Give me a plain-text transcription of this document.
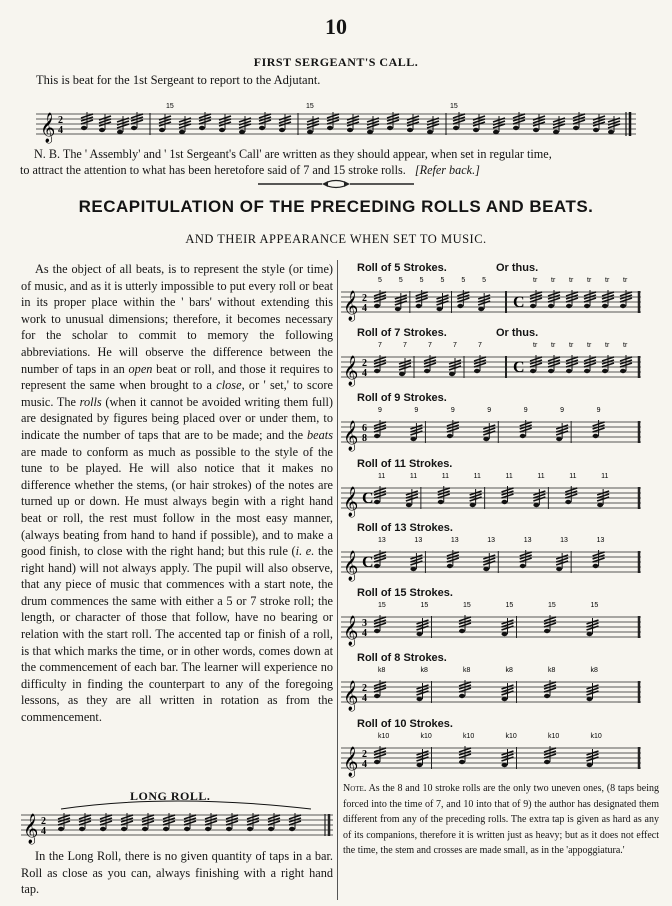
10
FIRST SERGEANT'S CALL.
This is beat for the 1st Sergeant to report to the Adjutant.
𝄞 2
4
15	15	15
N. B. The ' Assembly' and ' 1st Sergeant's Call' are written as they should appear, when set in regular time,
to attract the attention to what has been heretofore said of 7 and 15 stroke rolls. [Refer back.]
RECAPITULATION OF THE PRECEDING ROLLS AND BEATS.
AND THEIR APPEARANCE WHEN SET TO MUSIC.

As the object of all beats, is to represent the style (or time) of music, and as it is utterly impossible to put every roll or beat in its proper place within the ' bars' without extending this work to unusual dimensions; therefore, it becomes necessary for the scholar to commit to memory the following abbreviations. He will observe the difference between the number of taps in an open beat or roll, and those it requires to represent the same when brought to a close, or ' set,' to score music. The rolls (when it cannot be avoided writing them full) are designated by figures being placed over or under them, to indicate the number of taps that are to be made; and the beats are made to conform as much as possible to the style of the tune to be played. He will also notice that it makes no difference whether the stems, (or hair strokes) of the notes are turned up or down. He must always begin with a right hand beat or roll, the rest must follow in the most easy manner, (always beating from hand to hand if possible), and to make a good finish, to close with the right hand; but this rule (i. e. the right hand) will not always apply. The pupil will also observe, that any piece of music that commences with a start note, the drum commences the same with either a 5 or 7 stroke roll; the length, or character of those that follow, have no bearing or relation with the start roll. The accented tap or finish of a roll, is that which marks the time, or in other words, comes down at the commencement of each bar. The learner will experience no difficulty in finding the counterpart to any of the foregoing lessons, as they are all written in rotation as from the commencement.

LONG ROLL.
𝄞 2
4

In the Long Roll, there is no given quantity of taps in a bar. Roll as close as you can, always finishing with a right hand tap.

Roll of 5 Strokes.	Or thus.
𝄞 2
4
5 5 5 5 5 5	tr tr tr tr tr tr
C
Roll of 7 Strokes.	Or thus.
𝄞 2
4
7	7	7	7	7	tr tr tr tr tr tr
C
Roll of 9 Strokes.
𝄞 6
8
9	9	9	9	9	9	9
Roll of 11 Strokes.
𝄞 C
11	11	11	11	11	11	11	11
Roll of 13 Strokes.
𝄞 C
13	13	13	13	13	13	13
Roll of 15 Strokes.
𝄞 3
4
15	15	15	15	15	15
Roll of 8 Strokes.
𝄞 2
4
k8	k8	k8	k8	k8	k8
Roll of 10 Strokes.
𝄞 2
4
k10	k10	k10	k10	k10	k10

Note. As the 8 and 10 stroke rolls are the only two uneven ones, (8 taps being forced into the time of 7, and 10 into that of 9) the author has designated them different from any of the preceding rolls. The extra tap is given as hard as any of its companions, therefore it is written just as heavy; but as it does not effect the time, the stem and crosses are made small, as in the 'appoggiatura.'
